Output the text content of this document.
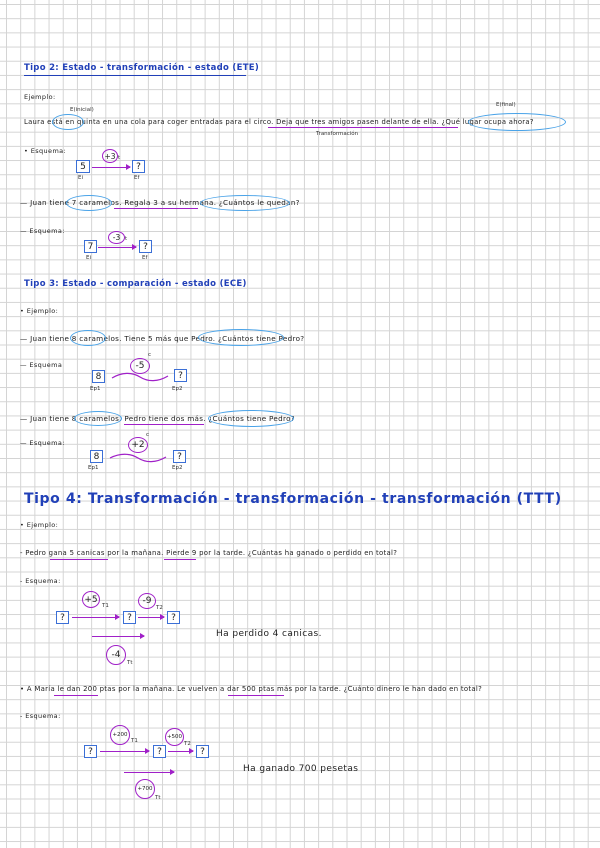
Tipo 2: Estado - transformación - estado (ETE)
Ejemplo:
E(inicial)
E(final)
Laura está en quinta en una cola para coger entradas para el circo. Deja que tres amigos pasen delante de ella. ¿Qué lugar ocupa ahora?
Transformación
• Esquema:
5
Ei
+3 t
?
Ef
— Juan tiene 7 caramelos. Regala 3 a su hermana. ¿Cuántos le quedan?
— Esquema:
7
Ei
-3 t
?
Ef
Tipo 3: Estado - comparación - estado (ECE)
• Ejemplo:
— Juan tiene 8 caramelos. Tiene 5 más que Pedro. ¿Cuántos tiene Pedro?
— Esquema
8
Ep1
-5
c
?
Ep2
— Juan tiene 8 caramelos. Pedro tiene dos más. ¿Cuántos tiene Pedro?
— Esquema:
8
Ep1
+2
c
?
Ep2
Tipo 4: Transformación - transformación - transformación (TTT)
• Ejemplo:
- Pedro gana 5 canicas por la mañana. Pierde 9 por la tarde. ¿Cuántas ha ganado o perdido en total?
- Esquema:
?	?	?
+5
T1	-9
T2
-4
Tt
Ha perdido 4 canicas.
• A María le dan 200 ptas por la mañana. Le vuelven a dar 500 ptas más por la tarde. ¿Cuánto dinero le han dado en total?
- Esquema:
?	?	?
+200
T1
+500
T2
+700
Tt
Ha ganado 700 pesetas
